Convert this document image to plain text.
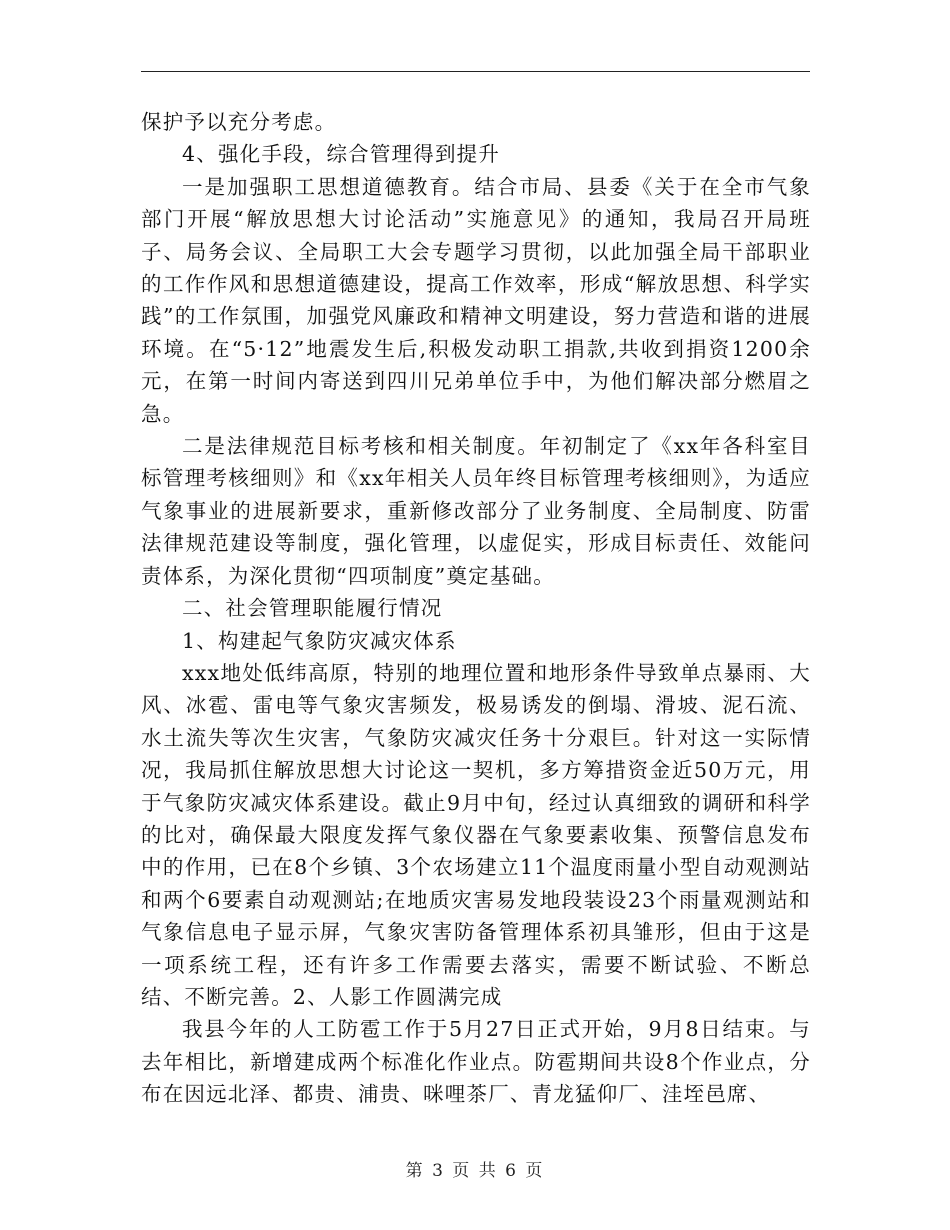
保护予以充分考虑。

4、强化手段，综合管理得到提升

一是加强职工思想道德教育。结合市局、县委《关于在全市气象部门开展“解放思想大讨论活动”实施意见》的通知，我局召开局班子、局务会议、全局职工大会专题学习贯彻，以此加强全局干部职业的工作作风和思想道德建设，提高工作效率，形成“解放思想、科学实践”的工作氛围，加强党风廉政和精神文明建设，努力营造和谐的进展环境。在“5·12”地震发生后,积极发动职工捐款,共收到捐资1200余元，在第一时间内寄送到四川兄弟单位手中，为他们解决部分燃眉之急。

二是法律规范目标考核和相关制度。年初制定了《xx年各科室目标管理考核细则》和《xx年相关人员年终目标管理考核细则》，为适应气象事业的进展新要求，重新修改部分了业务制度、全局制度、防雷法律规范建设等制度，强化管理，以虚促实，形成目标责任、效能问责体系，为深化贯彻“四项制度”奠定基础。

二、社会管理职能履行情况

1、构建起气象防灾减灾体系

xxx地处低纬高原，特别的地理位置和地形条件导致单点暴雨、大风、冰雹、雷电等气象灾害频发，极易诱发的倒塌、滑坡、泥石流、水土流失等次生灾害，气象防灾减灾任务十分艰巨。针对这一实际情况，我局抓住解放思想大讨论这一契机，多方筹措资金近50万元，用于气象防灾减灾体系建设。截止9月中旬，经过认真细致的调研和科学的比对，确保最大限度发挥气象仪器在气象要素收集、预警信息发布中的作用，已在8个乡镇、3个农场建立11个温度雨量小型自动观测站和两个6要素自动观测站;在地质灾害易发地段装设23个雨量观测站和气象信息电子显示屏，气象灾害防备管理体系初具雏形，但由于这是一项系统工程，还有许多工作需要去落实，需要不断试验、不断总结、不断完善。2、人影工作圆满完成

我县今年的人工防雹工作于5月27日正式开始，9月8日结束。与去年相比，新增建成两个标准化作业点。防雹期间共设8个作业点，分布在因远北泽、都贵、浦贵、咪哩茶厂、青龙猛仰厂、洼垤邑席、

第 3 页 共 6 页
